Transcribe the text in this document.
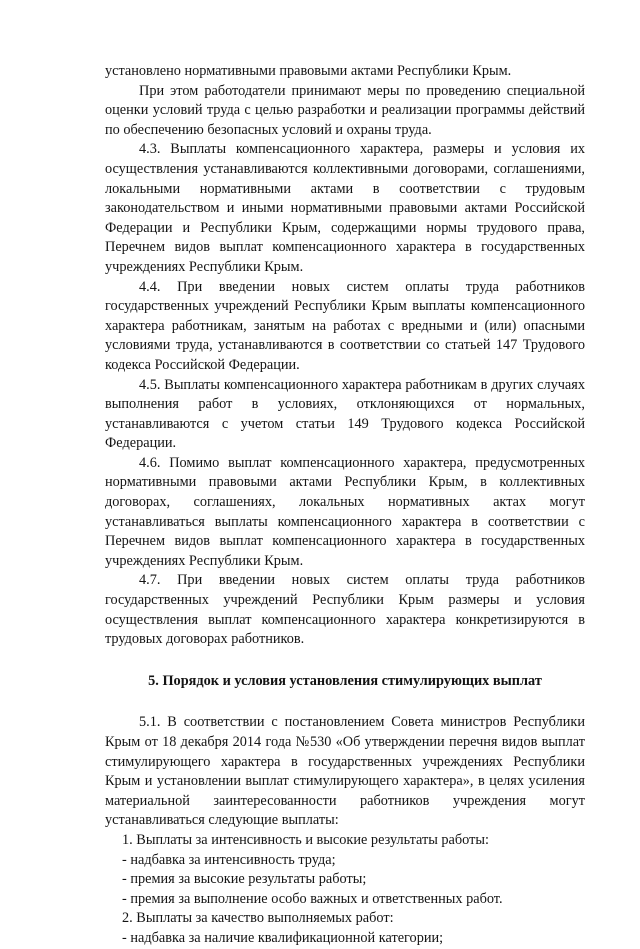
установлено нормативными правовыми актами Республики Крым.

При этом работодатели принимают меры по проведению специальной оценки условий труда с целью разработки и реализации программы действий по обеспечению безопасных условий и охраны труда.

4.3. Выплаты компенсационного характера, размеры и условия их осуществления устанавливаются коллективными договорами, соглашениями, локальными нормативными актами в соответствии с трудовым законодательством и иными нормативными правовыми актами Российской Федерации и Республики Крым, содержащими нормы трудового права, Перечнем видов выплат компенсационного характера в государственных учреждениях Республики Крым.

4.4. При введении новых систем оплаты труда работников государственных учреждений Республики Крым выплаты компенсационного характера работникам, занятым на работах с вредными и (или) опасными условиями труда, устанавливаются в соответствии со статьей 147 Трудового кодекса Российской Федерации.

4.5. Выплаты компенсационного характера работникам в других случаях выполнения работ в условиях, отклоняющихся от нормальных, устанавливаются с учетом статьи 149 Трудового кодекса Российской Федерации.

4.6. Помимо выплат компенсационного характера, предусмотренных нормативными правовыми актами Республики Крым, в коллективных договорах, соглашениях, локальных нормативных актах могут устанавливаться выплаты компенсационного характера в соответствии с Перечнем видов выплат компенсационного характера в государственных учреждениях Республики Крым.

4.7. При введении новых систем оплаты труда работников государственных учреждений Республики Крым размеры и условия осуществления выплат компенсационного характера конкретизируются в трудовых договорах работников.

5. Порядок и условия установления стимулирующих выплат

5.1. В соответствии с постановлением Совета министров Республики Крым от 18 декабря 2014 года №530 «Об утверждении перечня видов выплат стимулирующего характера в государственных учреждениях Республики Крым и установлении выплат стимулирующего характера», в целях усиления материальной заинтересованности работников учреждения могут устанавливаться следующие выплаты:

1. Выплаты за интенсивность и высокие результаты работы:

- надбавка за интенсивность труда;

- премия за высокие результаты работы;

- премия за выполнение особо важных и ответственных работ.

2. Выплаты за качество выполняемых работ:

- надбавка за наличие квалификационной категории;
